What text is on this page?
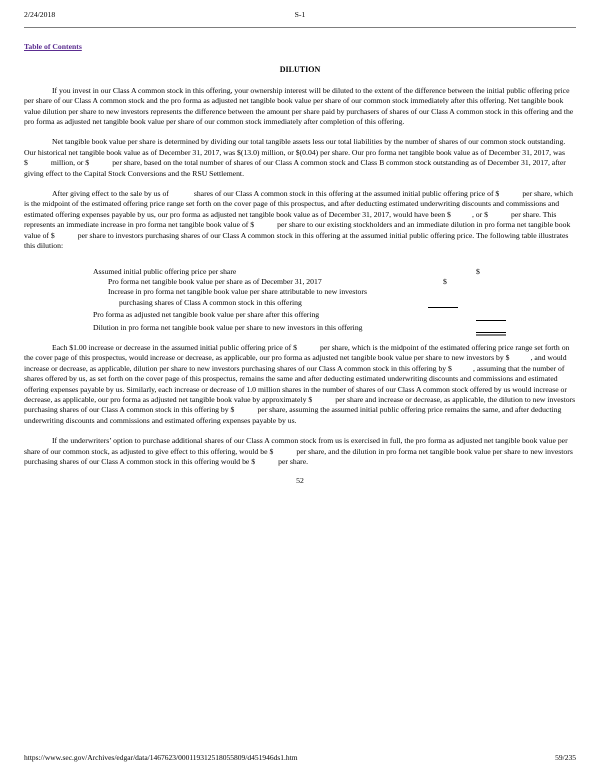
2/24/2018	S-1
Table of Contents
DILUTION

If you invest in our Class A common stock in this offering, your ownership interest will be diluted to the extent of the difference between the initial public offering price per share of our Class A common stock and the pro forma as adjusted net tangible book value per share of our common stock immediately after this offering. Net tangible book value dilution per share to new investors represents the difference between the amount per share paid by purchasers of shares of our Class A common stock in this offering and the pro forma as adjusted net tangible book value per share of our common stock immediately after completion of this offering.

Net tangible book value per share is determined by dividing our total tangible assets less our total liabilities by the number of shares of our common stock outstanding. Our historical net tangible book value as of December 31, 2017, was $(13.0) million, or $(0.04) per share. Our pro forma net tangible book value as of December 31, 2017, was $            million, or $            per share, based on the total number of shares of our Class A common stock and Class B common stock outstanding as of December 31, 2017, after giving effect to the Capital Stock Conversions and the RSU Settlement.

After giving effect to the sale by us of             shares of our Class A common stock in this offering at the assumed initial public offering price of $            per share, which is the midpoint of the estimated offering price range set forth on the cover page of this prospectus, and after deducting estimated underwriting discounts and commissions and estimated offering expenses payable by us, our pro forma as adjusted net tangible book value as of December 31, 2017, would have been $           , or $            per share. This represents an immediate increase in pro forma net tangible book value of $            per share to our existing stockholders and an immediate dilution in pro forma net tangible book value of $            per share to investors purchasing shares of our Class A common stock in this offering at the assumed initial public offering price. The following table illustrates this dilution:

Assumed initial public offering price per share	$
Pro forma net tangible book value per share as of December 31, 2017	$
Increase in pro forma net tangible book value per share attributable to new investors
purchasing shares of Class A common stock in this offering
Pro forma as adjusted net tangible book value per share after this offering
Dilution in pro forma net tangible book value per share to new investors in this offering

Each $1.00 increase or decrease in the assumed initial public offering price of $            per share, which is the midpoint of the estimated offering price range set forth on the cover page of this prospectus, would increase or decrease, as applicable, our pro forma as adjusted net tangible book value per share to new investors by $           , and would increase or decrease, as applicable, dilution per share to new investors purchasing shares of our Class A common stock in this offering by $           , assuming that the number of shares offered by us, as set forth on the cover page of this prospectus, remains the same and after deducting estimated underwriting discounts and commissions and estimated offering expenses payable by us. Similarly, each increase or decrease of 1.0 million shares in the number of shares of our Class A common stock offered by us would increase or decrease, as applicable, our pro forma as adjusted net tangible book value by approximately $            per share and increase or decrease, as applicable, the dilution to new investors purchasing shares of our Class A common stock in this offering by $            per share, assuming the assumed initial public offering price remains the same, and after deducting underwriting discounts and commissions and estimated offering expenses payable by us.

If the underwriters’ option to purchase additional shares of our Class A common stock from us is exercised in full, the pro forma as adjusted net tangible book value per share of our common stock, as adjusted to give effect to this offering, would be $            per share, and the dilution in pro forma net tangible book value per share to new investors purchasing shares of our Class A common stock in this offering would be $            per share.

52
https://www.sec.gov/Archives/edgar/data/1467623/000119312518055809/d451946ds1.htm	59/235
